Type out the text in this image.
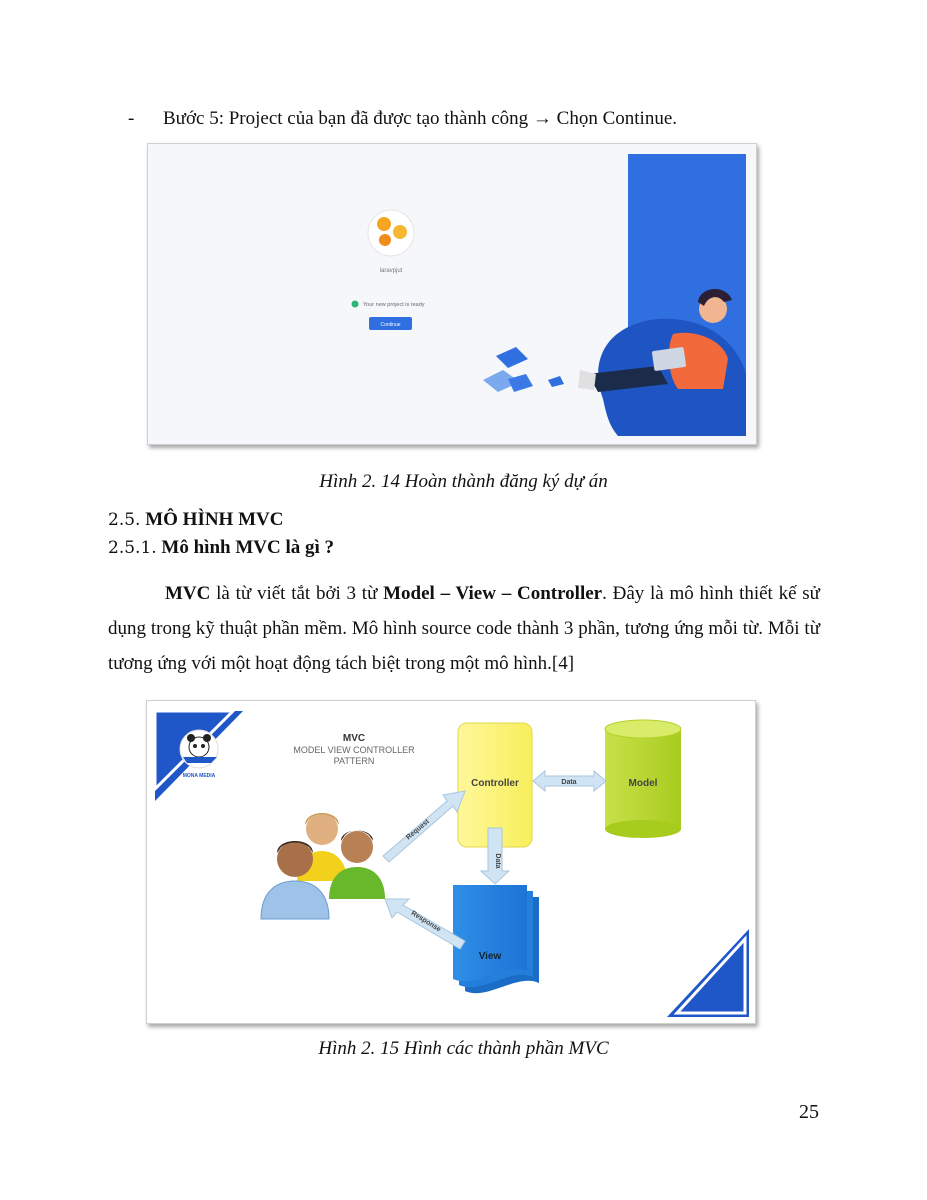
- Bước 5: Project của bạn đã được tạo thành công → Chọn Continue.
laravpjut
Your new project is ready
Continue
Hình 2. 14 Hoàn thành đăng ký dự án
2.5. MÔ HÌNH MVC
2.5.1. Mô hình MVC là gì ?
MVC là từ viết tắt bởi 3 từ Model – View – Controller. Đây là mô hình thiết kế sử dụng trong kỹ thuật phần mềm. Mô hình source code thành 3 phần, tương ứng mỗi từ. Mỗi từ tương ứng với một hoạt động tách biệt trong một mô hình.[4]
MONA MEDIA
MVC
MODEL VIEW CONTROLLER
PATTERN
Controller	Model
Data
Data
View
Request
Response
Hình 2. 15 Hình các thành phần MVC
25
